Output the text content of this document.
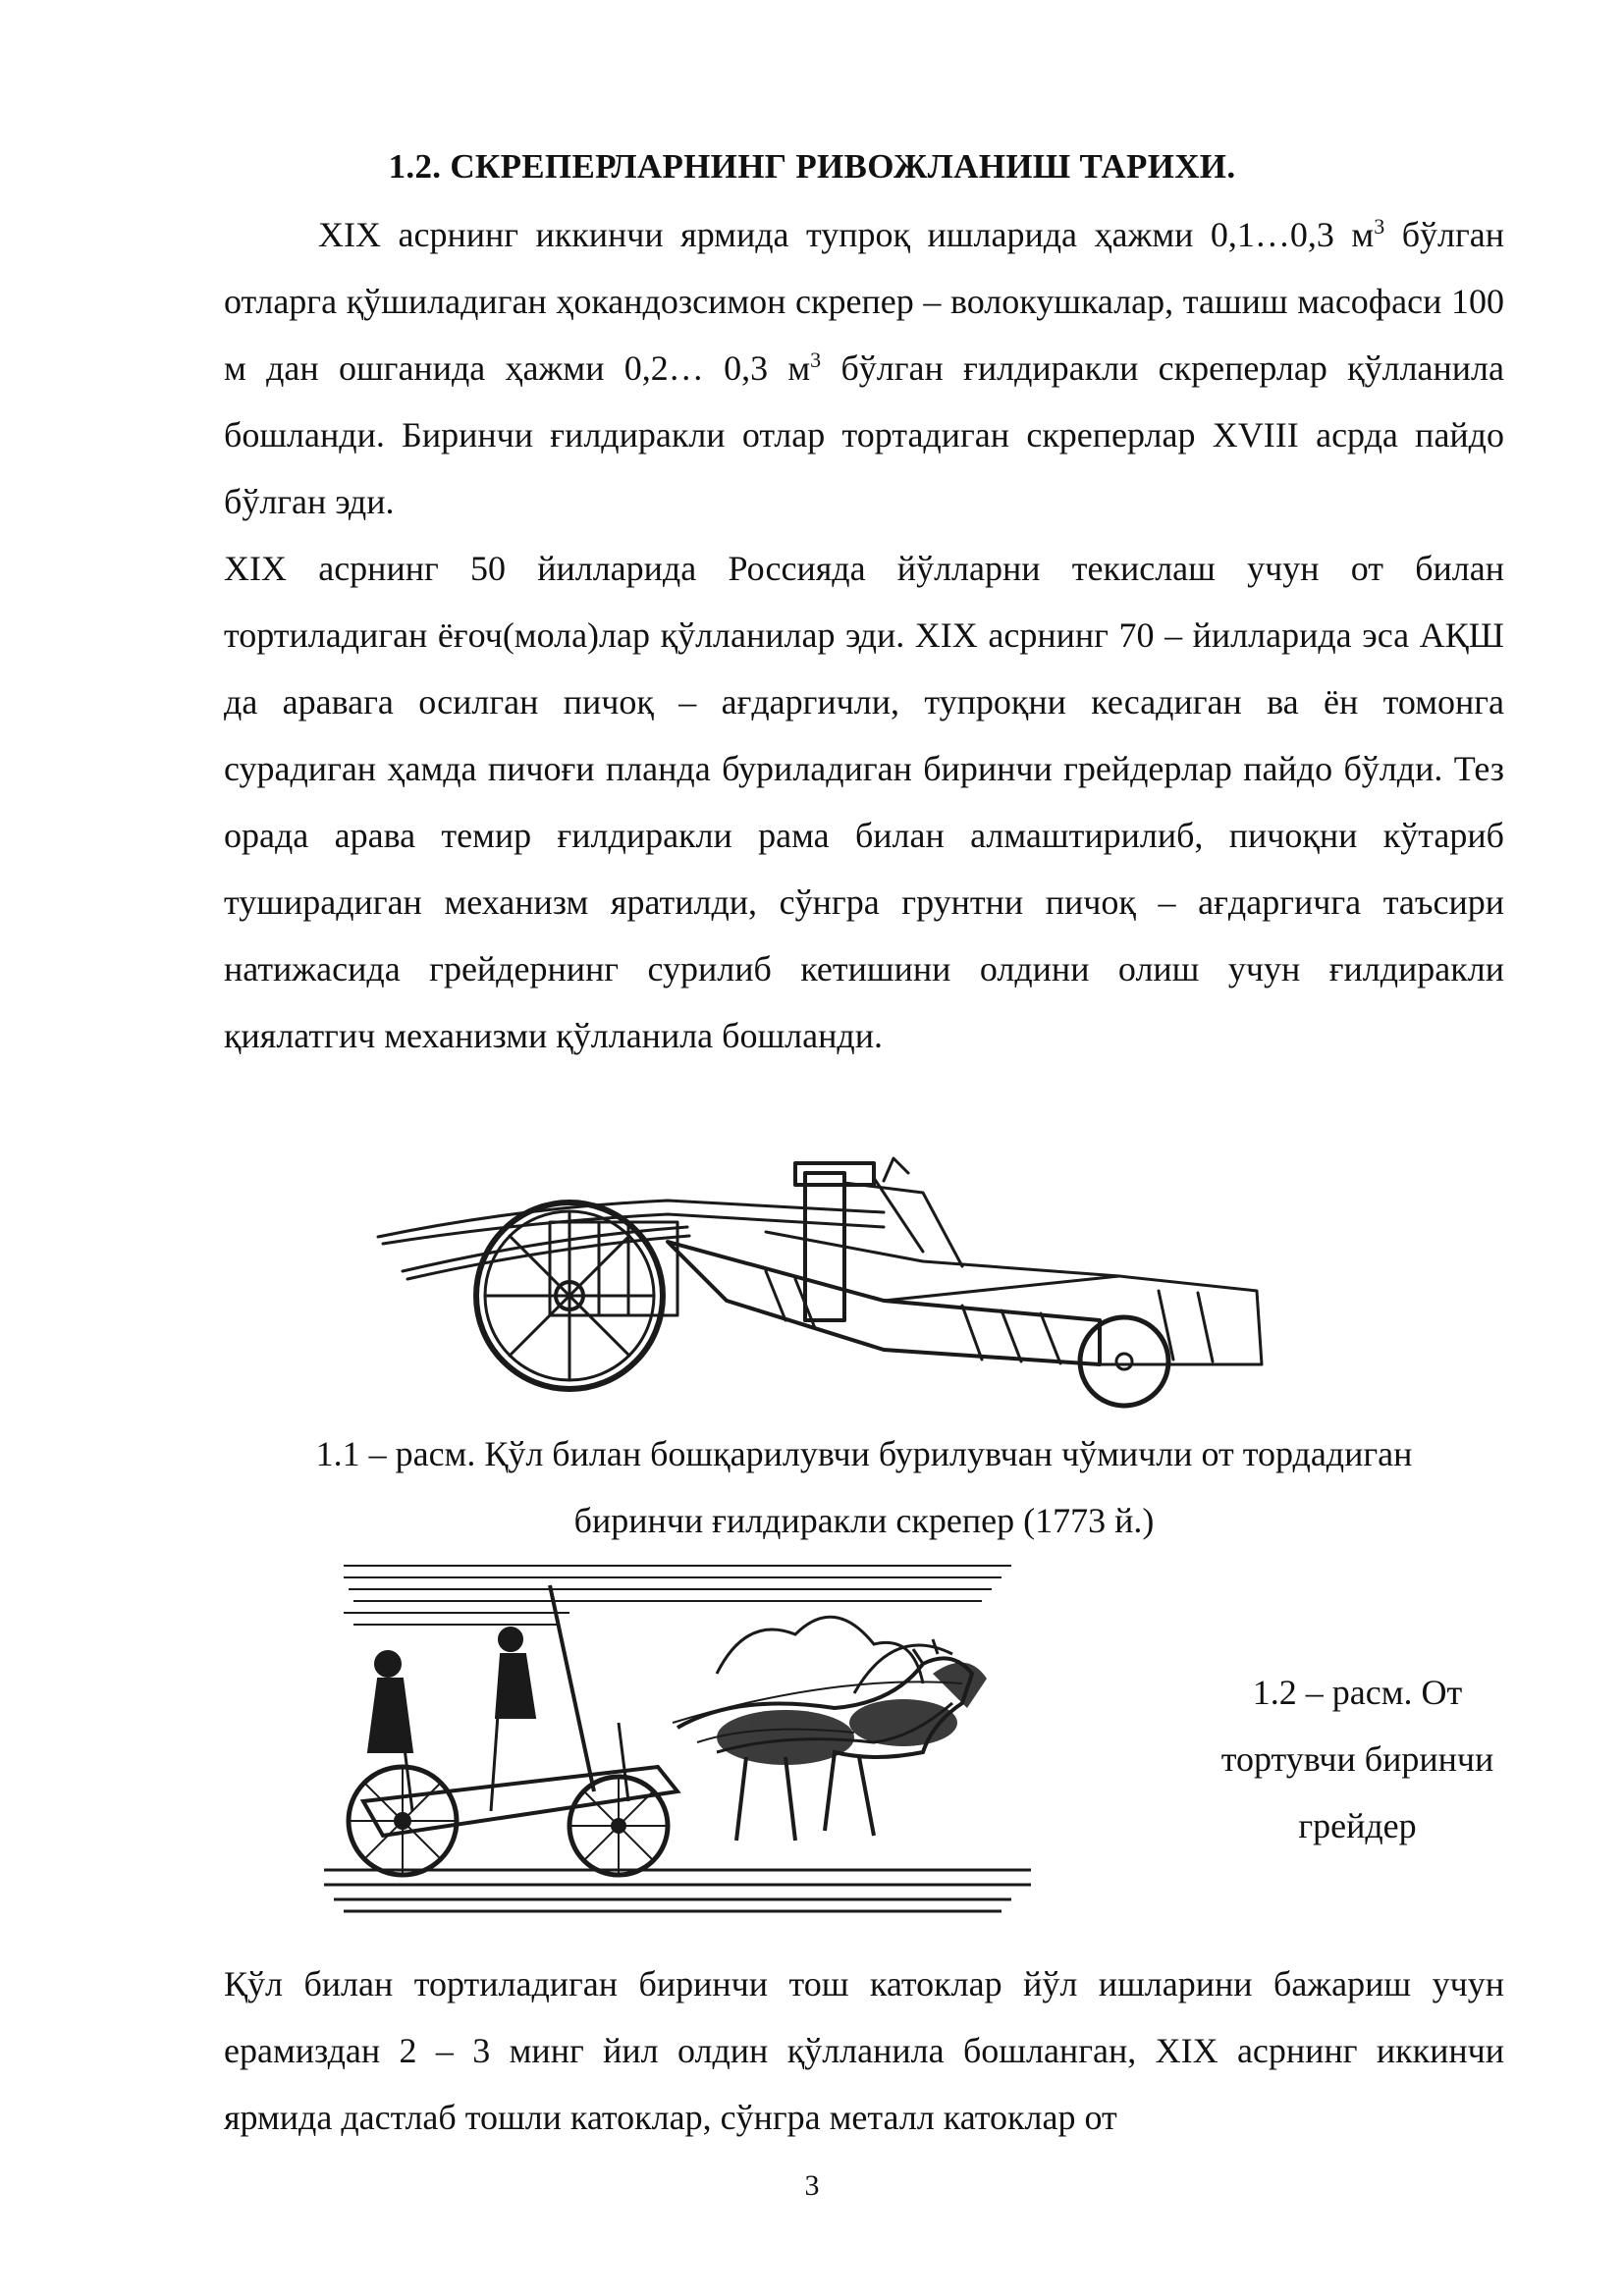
1.2. СКРЕПЕРЛАРНИНГ РИВОЖЛАНИШ ТАРИХИ.

XIX асрнинг иккинчи ярмида тупроқ ишларида ҳажми 0,1…0,3 $м^3$ бўлган отларга қўшиладиган ҳокандозсимон скрепер – волокушкалар, ташиш масофаси 100 м дан ошганида ҳажми 0,2… 0,3 $м^3$ бўлган ғилдиракли скреперлар қўлланила бошланди. Биринчи ғилдиракли отлар тортадиган скреперлар XVIII асрда пайдо бўлган эди.

XIX асрнинг 50 йилларида Россияда йўлларни текислаш учун от билан тортиладиган ёғоч(мола)лар қўлланилар эди. XIX асрнинг 70 – йилларида эса АҚШ да аравага осилган пичоқ – ағдаргичли, тупроқни кесадиган ва ён томонга сурадиган ҳамда пичоғи планда буриладиган биринчи грейдерлар пайдо бўлди. Тез орада арава темир ғилдиракли рама билан алмаштирилиб, пичоқни кўтариб туширадиган механизм яратилди, сўнгра грунтни пичоқ – ағдаргичга таъсири натижасида грейдернинг сурилиб кетишини олдини олиш учун ғилдиракли қиялатгич механизми қўлланила бошланди.

1.1 – расм. Қўл билан бошқарилувчи бурилувчан чўмичли от тордадиган
биринчи ғилдиракли скрепер (1773 й.)
1.2 – расм. От
тортувчи биринчи
грейдер

Қўл билан тортиладиган биринчи тош катоклар йўл ишларини бажариш учун ерамиздан 2 – 3 минг йил олдин қўлланила бошланган, XIX асрнинг иккинчи ярмида дастлаб тошли катоклар, сўнгра металл катоклар от

3
